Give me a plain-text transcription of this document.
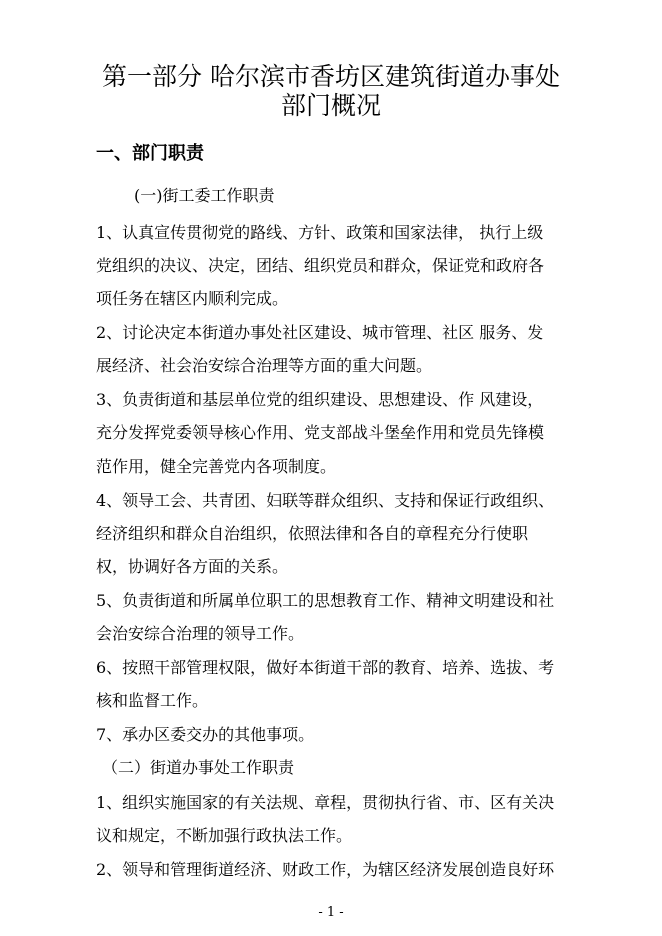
第一部分 哈尔滨市香坊区建筑街道办事处
部门概况
一、部门职责
(一)街工委工作职责
1、认真宣传贯彻党的路线、方针、政策和国家法律， 执行上级
党组织的决议、决定，团结、组织党员和群众，保证党和政府各
项任务在辖区内顺利完成。
2、讨论决定本街道办事处社区建设、城市管理、社区 服务、发
展经济、社会治安综合治理等方面的重大问题。
3、负责街道和基层单位党的组织建设、思想建设、作 风建设，
充分发挥党委领导核心作用、党支部战斗堡垒作用和党员先锋模
范作用，健全完善党内各项制度。
4、领导工会、共青团、妇联等群众组织、支持和保证行政组织、
经济组织和群众自治组织，依照法律和各自的章程充分行使职
权，协调好各方面的关系。
5、负责街道和所属单位职工的思想教育工作、精神文明建设和社
会治安综合治理的领导工作。
6、按照干部管理权限，做好本街道干部的教育、培养、选拔、考
核和监督工作。
7、承办区委交办的其他事项。
（二）街道办事处工作职责
1、组织实施国家的有关法规、章程，贯彻执行省、市、区有关决
议和规定，不断加强行政执法工作。
2、领导和管理街道经济、财政工作，为辖区经济发展创造良好环
- 1 -
